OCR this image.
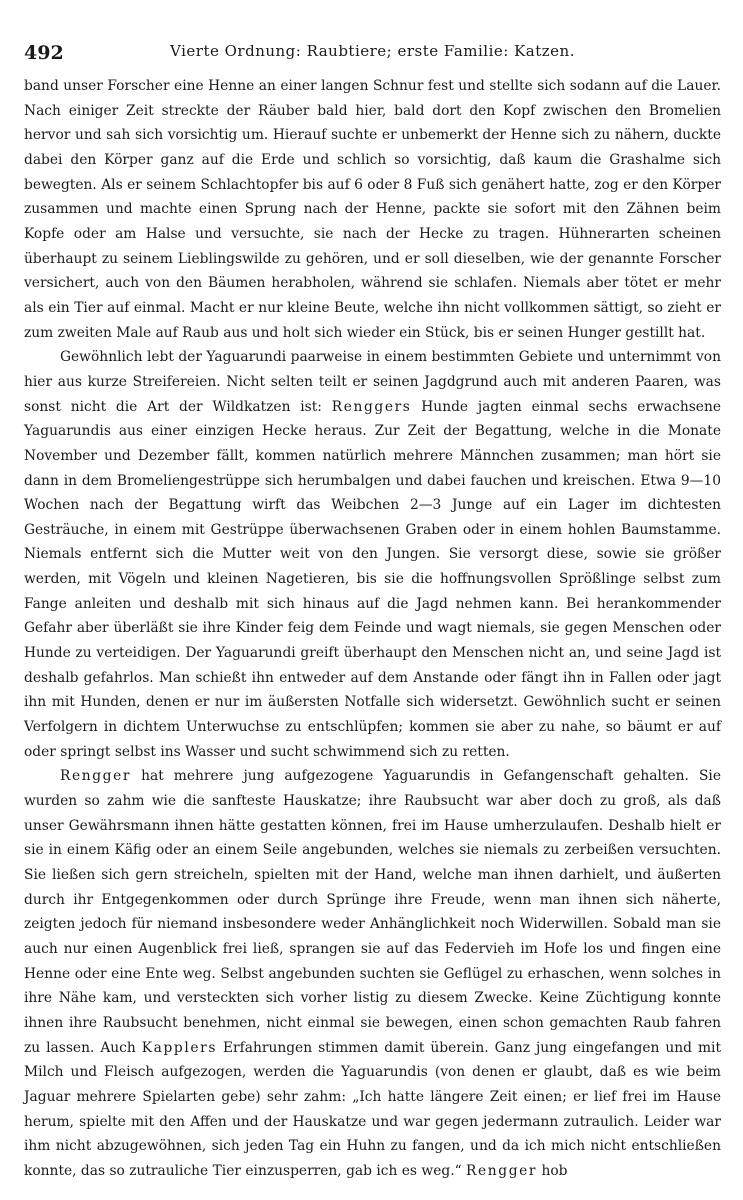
492	Vierte Ordnung: Raubtiere; erste Familie: Katzen.

band unser Forscher eine Henne an einer langen Schnur fest und stellte sich sodann auf die Lauer. Nach einiger Zeit streckte der Räuber bald hier, bald dort den Kopf zwischen den Bromelien hervor und sah sich vorsichtig um. Hierauf suchte er unbemerkt der Henne sich zu nähern, duckte dabei den Körper ganz auf die Erde und schlich so vorsichtig, daß kaum die Grashalme sich bewegten. Als er seinem Schlachtopfer bis auf 6 oder 8 Fuß sich genähert hatte, zog er den Körper zusammen und machte einen Sprung nach der Henne, packte sie sofort mit den Zähnen beim Kopfe oder am Halse und versuchte, sie nach der Hecke zu tragen. Hühnerarten scheinen überhaupt zu seinem Lieblingswilde zu gehören, und er soll dieselben, wie der genannte Forscher versichert, auch von den Bäumen herabholen, während sie schlafen. Niemals aber tötet er mehr als ein Tier auf einmal. Macht er nur kleine Beute, welche ihn nicht vollkommen sättigt, so zieht er zum zweiten Male auf Raub aus und holt sich wieder ein Stück, bis er seinen Hunger gestillt hat.

Gewöhnlich lebt der Yaguarundi paarweise in einem bestimmten Gebiete und unternimmt von hier aus kurze Streifereien. Nicht selten teilt er seinen Jagdgrund auch mit anderen Paaren, was sonst nicht die Art der Wildkatzen ist: Renggers Hunde jagten einmal sechs erwachsene Yaguarundis aus einer einzigen Hecke heraus. Zur Zeit der Begattung, welche in die Monate November und Dezember fällt, kommen natürlich mehrere Männchen zusammen; man hört sie dann in dem Bromeliengestrüppe sich herumbalgen und dabei fauchen und kreischen. Etwa 9—10 Wochen nach der Begattung wirft das Weibchen 2—3 Junge auf ein Lager im dichtesten Gesträuche, in einem mit Gestrüppe überwachsenen Graben oder in einem hohlen Baumstamme. Niemals entfernt sich die Mutter weit von den Jungen. Sie versorgt diese, sowie sie größer werden, mit Vögeln und kleinen Nagetieren, bis sie die hoffnungsvollen Sprößlinge selbst zum Fange anleiten und deshalb mit sich hinaus auf die Jagd nehmen kann. Bei herankommender Gefahr aber überläßt sie ihre Kinder feig dem Feinde und wagt niemals, sie gegen Menschen oder Hunde zu verteidigen. Der Yaguarundi greift überhaupt den Menschen nicht an, und seine Jagd ist deshalb gefahrlos. Man schießt ihn entweder auf dem Anstande oder fängt ihn in Fallen oder jagt ihn mit Hunden, denen er nur im äußersten Notfalle sich widersetzt. Gewöhnlich sucht er seinen Verfolgern in dichtem Unterwuchse zu entschlüpfen; kommen sie aber zu nahe, so bäumt er auf oder springt selbst ins Wasser und sucht schwimmend sich zu retten.

Rengger hat mehrere jung aufgezogene Yaguarundis in Gefangenschaft gehalten. Sie wurden so zahm wie die sanfteste Hauskatze; ihre Raubsucht war aber doch zu groß, als daß unser Gewährsmann ihnen hätte gestatten können, frei im Hause umherzulaufen. Deshalb hielt er sie in einem Käfig oder an einem Seile angebunden, welches sie niemals zu zerbeißen versuchten. Sie ließen sich gern streicheln, spielten mit der Hand, welche man ihnen darhielt, und äußerten durch ihr Entgegenkommen oder durch Sprünge ihre Freude, wenn man ihnen sich näherte, zeigten jedoch für niemand insbesondere weder Anhänglichkeit noch Widerwillen. Sobald man sie auch nur einen Augenblick frei ließ, sprangen sie auf das Federvieh im Hofe los und fingen eine Henne oder eine Ente weg. Selbst angebunden suchten sie Geflügel zu erhaschen, wenn solches in ihre Nähe kam, und versteckten sich vorher listig zu diesem Zwecke. Keine Züchtigung konnte ihnen ihre Raubsucht benehmen, nicht einmal sie bewegen, einen schon gemachten Raub fahren zu lassen. Auch Kapplers Erfahrungen stimmen damit überein. Ganz jung eingefangen und mit Milch und Fleisch aufgezogen, werden die Yaguarundis (von denen er glaubt, daß es wie beim Jaguar mehrere Spielarten gebe) sehr zahm: „Ich hatte längere Zeit einen; er lief frei im Hause herum, spielte mit den Affen und der Hauskatze und war gegen jedermann zutraulich. Leider war ihm nicht abzugewöhnen, sich jeden Tag ein Huhn zu fangen, und da ich mich nicht entschließen konnte, das so zutrauliche Tier einzusperren, gab ich es weg.“ Rengger hob
